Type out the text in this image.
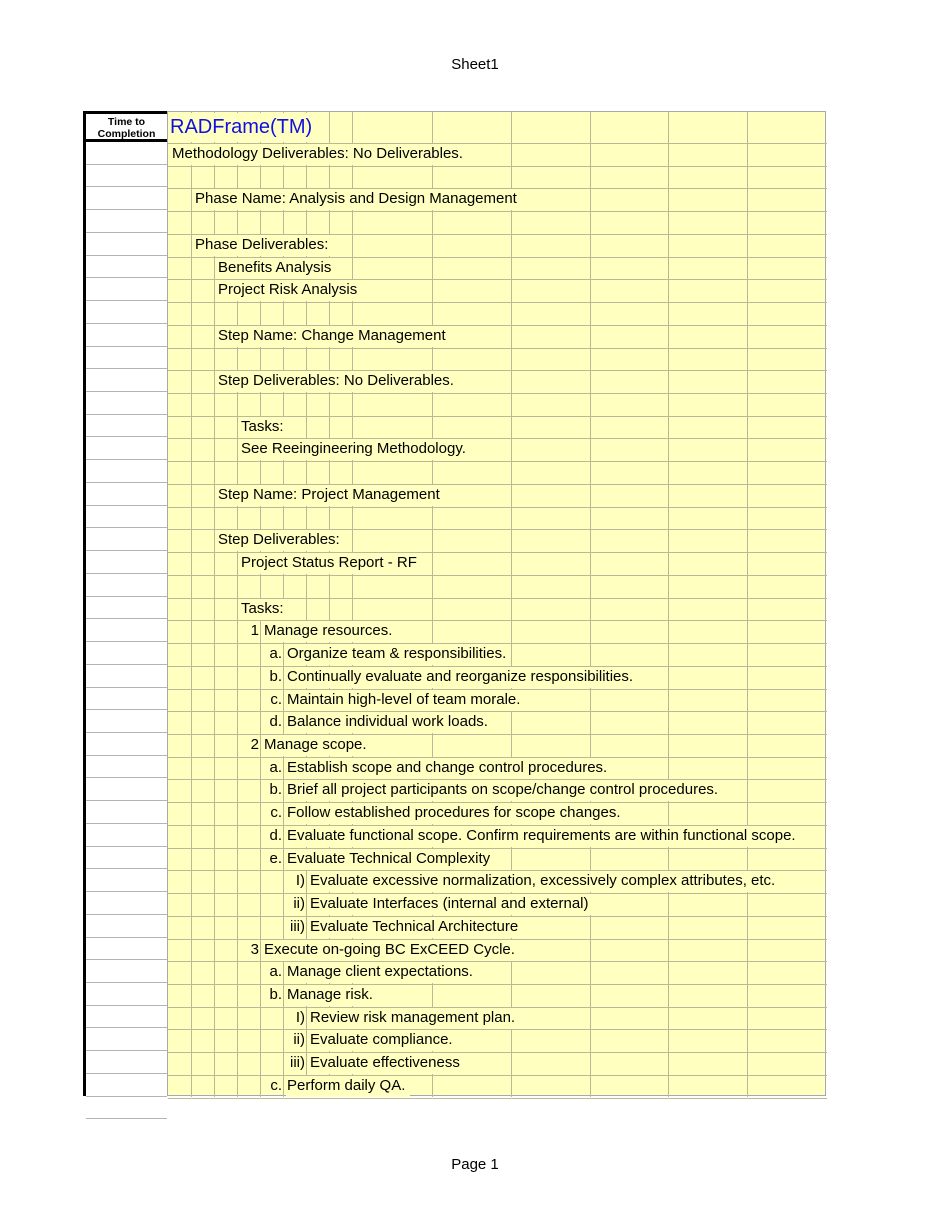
Sheet1
Time to Completion RADFrame(TM)
Methodology Deliverables: No Deliverables.
Phase Name: Analysis and Design Management
Phase Deliverables:
Benefits Analysis
Project Risk Analysis
Step Name: Change Management
Step Deliverables: No Deliverables.
Tasks:
See Reeingineering Methodology.
Step Name: Project Management
Step Deliverables:
Project Status Report - RF
Tasks:
1 Manage resources.
a. Organize team & responsibilities.
b. Continually evaluate and reorganize responsibilities.
c. Maintain high-level of team morale.
d. Balance individual work loads.
2 Manage scope.
a. Establish scope and change control procedures.
b. Brief all project participants on scope/change control procedures.
c. Follow established procedures for scope changes.
d. Evaluate functional scope. Confirm requirements are within functional scope.
e. Evaluate Technical Complexity
I) Evaluate excessive normalization, excessively complex attributes, etc.
ii) Evaluate Interfaces (internal and external)
iii) Evaluate Technical Architecture
3 Execute on-going BC ExCEED Cycle.
a. Manage client expectations.
b. Manage risk.
I) Review risk management plan.
ii) Evaluate compliance.
iii) Evaluate effectiveness
c. Perform daily QA.
Page 1
